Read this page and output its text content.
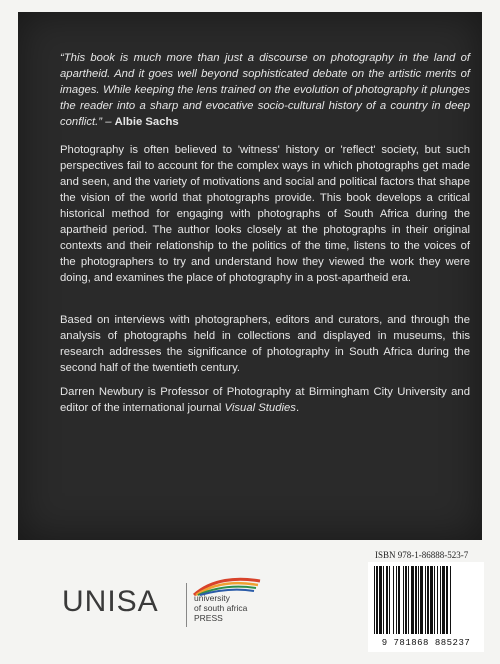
“This book is much more than just a discourse on photography in the land of apartheid. And it goes well beyond sophisticated debate on the artistic merits of images. While keeping the lens trained on the evolution of photography it plunges the reader into a sharp and evocative socio-cultural history of a country in deep conflict.” – Albie Sachs
Photography is often believed to 'witness' history or 'reflect' society, but such perspectives fail to account for the complex ways in which photographs get made and seen, and the variety of motivations and social and political factors that shape the vision of the world that photographs provide. This book develops a critical historical method for engaging with photographs of South Africa during the apartheid period. The author looks closely at the photographs in their original contexts and their relationship to the politics of the time, listens to the voices of the photographers to try and understand how they viewed the work they were doing, and examines the place of photography in a post-apartheid era.
Based on interviews with photographers, editors and curators, and through the analysis of photographs held in collections and displayed in museums, this research addresses the significance of photography in South Africa during the second half of the twentieth century.
Darren Newbury is Professor of Photography at Birmingham City University and editor of the international journal Visual Studies.
UNISA	university
of south africa
PRESS
ISBN 978-1-86888-523-7
9 781868 885237
